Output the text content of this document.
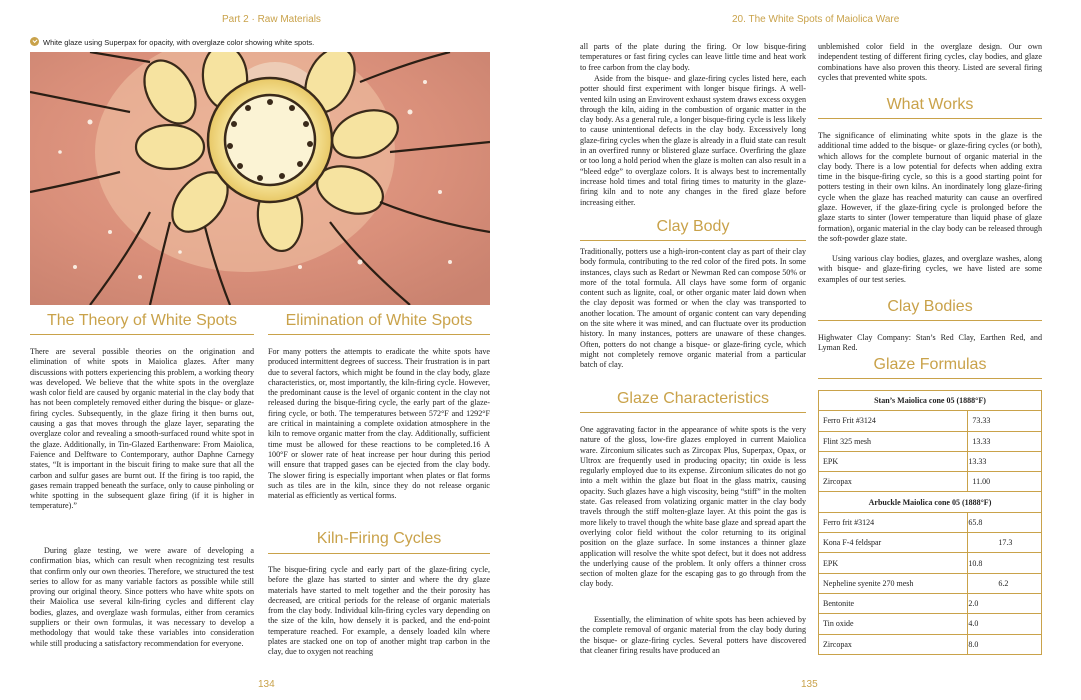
Part 2 · Raw Materials
White glaze using Superpax for opacity, with overglaze color showing white spots.
The Theory of White Spots

There are several possible theories on the origination and elimination of white spots in Maiolica glazes. After many discussions with potters experiencing this problem, a working theory was developed. We believe that the white spots in the overglaze wash color field are caused by organic material in the clay body that has not been completely removed either during the bisque- or glaze-firing cycles. Subsequently, in the glaze firing it then burns out, causing a gas that moves through the glaze layer, separating the overglaze color and revealing a smooth-surfaced round white spot in the glaze. Additionally, in Tin-Glazed Earthenware: From Maiolica, Faience and Delftware to Contemporary, author Daphne Carnegy states, “It is important in the biscuit firing to make sure that all the carbon and sulfur gases are burnt out. If the firing is too rapid, the gases remain trapped beneath the surface, only to cause pinholing or white spotting in the subsequent glaze firing (if it is higher in temperature).”

During glaze testing, we were aware of developing a confirmation bias, which can result when recognizing test results that confirm only our own theories. Therefore, we structured the test series to allow for as many variable factors as possible while still proving our original theory. Since potters who have white spots on their Maiolica use several kiln-firing cycles and different clay bodies, glazes, and overglaze wash formulas, either from ceramics suppliers or their own formulas, it was necessary to develop a methodology that would take these variables into consideration while still producing a satisfactory recommendation for everyone.

Elimination of White Spots

For many potters the attempts to eradicate the white spots have produced intermittent degrees of success. Their frustration is in part due to several factors, which might be found in the clay body, glaze characteristics, or, most importantly, the kiln-firing cycle. However, the predominant cause is the level of organic content in the clay not released during the bisque-firing cycle, the early part of the glaze-firing cycle, or both. The temperatures between 572°F and 1292°F are critical in maintaining a complete oxidation atmosphere in the kiln to remove organic matter from the clay. Additionally, sufficient time must be allowed for these reactions to be completed.16 A 100°F or slower rate of heat increase per hour during this period will ensure that trapped gases can be ejected from the clay body. The slower firing is especially important when plates or flat forms such as tiles are in the kiln, since they do not release organic material as efficiently as vertical forms.

Kiln-Firing Cycles

The bisque-firing cycle and early part of the glaze-firing cycle, before the glaze has started to sinter and where the dry glaze materials have started to melt together and the their porosity has decreased, are critical periods for the release of organic materials from the clay body. Individual kiln-firing cycles vary depending on the size of the kiln, how densely it is packed, and the end-point temperature reached. For example, a densely loaded kiln where plates are stacked one on top of another might trap carbon in the clay, due to oxygen not reaching

134
20. The White Spots of Maiolica Ware

all parts of the plate during the firing. Or low bisque-firing temperatures or fast firing cycles can leave little time and heat work to free carbon from the clay body.

Aside from the bisque- and glaze-firing cycles listed here, each potter should first experiment with longer bisque firings. A well-vented kiln using an Envirovent exhaust system draws excess oxygen through the kiln, aiding in the combustion of organic matter in the clay body. As a general rule, a longer bisque-firing cycle is less likely to cause unintentional defects in the clay body. Excessively long glaze-firing cycles when the glaze is already in a fluid state can result in an overfired runny or blistered glaze surface. Overfiring the glaze or too long a hold period when the glaze is molten can also result in a “bleed edge” to overglaze colors. It is always best to incrementally increase hold times and total firing times to maturity in the glaze-firing kiln and to note any changes in the fired glaze before increasing either.

Clay Body

Traditionally, potters use a high-iron-content clay as part of their clay body formula, contributing to the red color of the fired pots. In some instances, clays such as Redart or Newman Red can compose 50% or more of the total formula. All clays have some form of organic content such as lignite, coal, or other organic mater laid down when the clay deposit was formed or when the clay was transported to another location. The amount of organic content can vary depending on the site where it was mined, and can fluctuate over its production history. In many instances, potters are unaware of these changes. Often, potters do not change a bisque- or glaze-firing cycle, which might not completely remove organic material from a particular batch of clay.

Glaze Characteristics

One aggravating factor in the appearance of white spots is the very nature of the gloss, low-fire glazes employed in current Maiolica ware. Zirconium silicates such as Zircopax Plus, Superpax, Opax, or Ultrox are frequently used in producing opacity; tin oxide is less regularly employed due to its expense. Zirconium silicates do not go into a melt within the glaze but float in the glass matrix, causing opacity. Such glazes have a high viscosity, being “stiff” in the molten state. Gas released from volatizing organic matter in the clay body travels through the stiff molten-glaze layer. At this point the gas is more likely to travel though the white base glaze and spread apart the overlying color field without the color returning to its original position on the glaze surface. In some instances a thinner glaze application will resolve the white spot defect, but it does not address the underlying cause of the problem. It only offers a thinner cross section of molten glaze for the escaping gas to go through from the clay body.

Essentially, the elimination of white spots has been achieved by the complete removal of organic material from the clay body during the bisque- or glaze-firing cycles. Several potters have discovered that cleaner firing results have produced an

unblemished color field in the overglaze design. Our own independent testing of different firing cycles, clay bodies, and glaze combinations have also proven this theory. Listed are several firing cycles that prevented white spots.

What Works

The significance of eliminating white spots in the glaze is the additional time added to the bisque- or glaze-firing cycles (or both), which allows for the complete burnout of organic material in the clay body. There is a low potential for defects when adding extra time in the bisque-firing cycle, so this is a good starting point for potters testing in their own kilns. An inordinately long glaze-firing cycle when the glaze has reached maturity can cause an overfired glaze. However, if the glaze-firing cycle is prolonged before the glaze starts to sinter (lower temperature than liquid phase of glaze formation), organic material in the clay body can be released through the soft-powder glaze state.

Using various clay bodies, glazes, and overglaze washes, along with bisque- and glaze-firing cycles, we have listed are some examples of our test series.

Clay Bodies

Highwater Clay Company: Stan’s Red Clay, Earthen Red, and Lyman Red.

Glaze Formulas
Stan’s Maiolica cone 05 (1888°F)	
Ferro Frit #3124	73.33
Flint 325 mesh	13.33
EPK	13.33
Zircopax	11.00
Arbuckle Maiolica cone 05 (1888°F)	
Ferro frit #3124	65.8
Kona F-4 feldspar	17.3
EPK	10.8
Nepheline syenite 270 mesh	6.2
Bentonite	2.0
Tin oxide	4.0
Zircopax	8.0
135
